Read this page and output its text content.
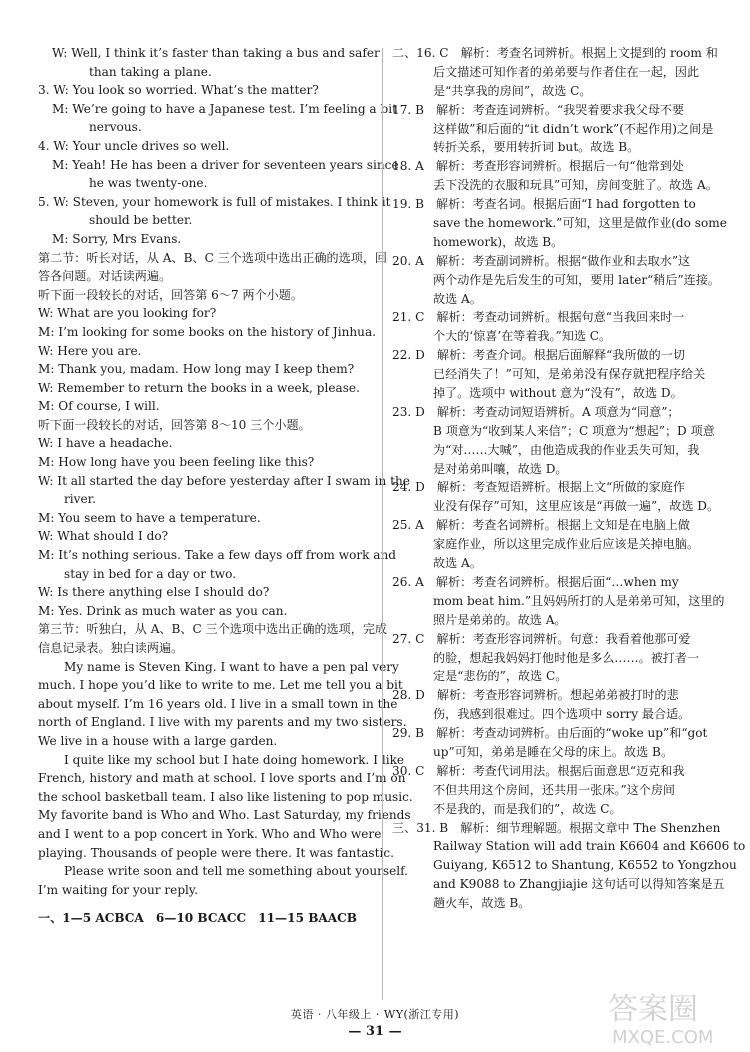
W: Well, I think it’s faster than taking a bus and safer
than taking a plane.
3. W: You look so worried. What’s the matter?
M: We’re going to have a Japanese test. I’m feeling a bit
nervous.
4. W: Your uncle drives so well.
M: Yeah! He has been a driver for seventeen years since
he was twenty-one.
5. W: Steven, your homework is full of mistakes. I think it
should be better.
M: Sorry, Mrs Evans.
第二节：听长对话，从 A、B、C 三个选项中选出正确的选项，回
答各问题。对话读两遍。
听下面一段较长的对话，回答第 6～7 两个小题。
W: What are you looking for?
M: I’m looking for some books on the history of Jinhua.
W: Here you are.
M: Thank you, madam. How long may I keep them?
W: Remember to return the books in a week, please.
M: Of course, I will.
听下面一段较长的对话，回答第 8～10 三个小题。
W: I have a headache.
M: How long have you been feeling like this?
W: It all started the day before yesterday after I swam in the
river.
M: You seem to have a temperature.
W: What should I do?
M: It’s nothing serious. Take a few days off from work and
stay in bed for a day or two.
W: Is there anything else I should do?
M: Yes. Drink as much water as you can.
第三节：听独白，从 A、B、C 三个选项中选出正确的选项，完成
信息记录表。独白读两遍。
My name is Steven King. I want to have a pen pal very
much. I hope you’d like to write to me. Let me tell you a bit
about myself. I’m 16 years old. I live in a small town in the
north of England. I live with my parents and my two sisters.
We live in a house with a large garden.
I quite like my school but I hate doing homework. I like
French, history and math at school. I love sports and I’m on
the school basketball team. I also like listening to pop music.
My favorite band is Who and Who. Last Saturday, my friends
and I went to a pop concert in York. Who and Who were
playing. Thousands of people were there. It was fantastic.
Please write soon and tell me something about yourself.
I’m waiting for your reply.
一、1—5 ACBCA　6—10 BCACC　11—15 BAACB
二、16. C　解析：考查名词辨析。根据上文提到的 room 和
后文描述可知作者的弟弟要与作者住在一起，因此
是“共享我的房间”，故选 C。
17. B　解析：考查连词辨析。“我哭着要求我父母不要
这样做”和后面的“it didn’t work”(不起作用)之间是
转折关系，要用转折词 but。故选 B。
18. A　解析：考查形容词辨析。根据后一句“他常到处
丢下没洗的衣服和玩具”可知，房间变脏了。故选 A。
19. B　解析：考查名词。根据后面“I had forgotten to
save the homework.”可知，这里是做作业(do some
homework)，故选 B。
20. A　解析：考查副词辨析。根据“做作业和去取水”这
两个动作是先后发生的可知，要用 later“稍后”连接。
故选 A。
21. C　解析：考查动词辨析。根据句意“当我回来时一
个大的‘惊喜’在等着我。”知选 C。
22. D　解析：考查介词。根据后面解释“我所做的一切
已经消失了！”可知，是弟弟没有保存就把程序给关
掉了。选项中 without 意为“没有”，故选 D。
23. D　解析：考查动词短语辨析。A 项意为“同意”；
B 项意为“收到某人来信”；C 项意为“想起”；D 项意
为“对……大喊”，由他造成我的作业丢失可知，我
是对弟弟叫嚷，故选 D。
24. D　解析：考查短语辨析。根据上文“所做的家庭作
业没有保存”可知，这里应该是“再做一遍”，故选 D。
25. A　解析：考查名词辨析。根据上文知是在电脑上做
家庭作业，所以这里完成作业后应该是关掉电脑。
故选 A。
26. A　解析：考查名词辨析。根据后面“…when my
mom beat him.”且妈妈所打的人是弟弟可知，这里的
照片是弟弟的。故选 A。
27. C　解析：考查形容词辨析。句意：我看着他那可爱
的脸，想起我妈妈打他时他是多么……。被打者一
定是“悲伤的”，故选 C。
28. D　解析：考查形容词辨析。想起弟弟被打时的悲
伤，我感到很难过。四个选项中 sorry 最合适。
29. B　解析：考查动词辨析。由后面的“woke up”和“got
up”可知，弟弟是睡在父母的床上。故选 B。
30. C　解析：考查代词用法。根据后面意思“迈克和我
不但共用这个房间，还共用一张床。”这个房间
不是我的，而是我们的”，故选 C。
三、31. B　解析：细节理解题。根据文章中 The Shenzhen
Railway Station will add train K6604 and K6606 to
Guiyang, K6512 to Shantung, K6552 to Yongzhou
and K9088 to Zhangjiajie 这句话可以得知答案是五
趟火车，故选 B。
英语 · 八年级上 · WY(浙江专用)
— 31 —
答案圈
MXQE.COM
